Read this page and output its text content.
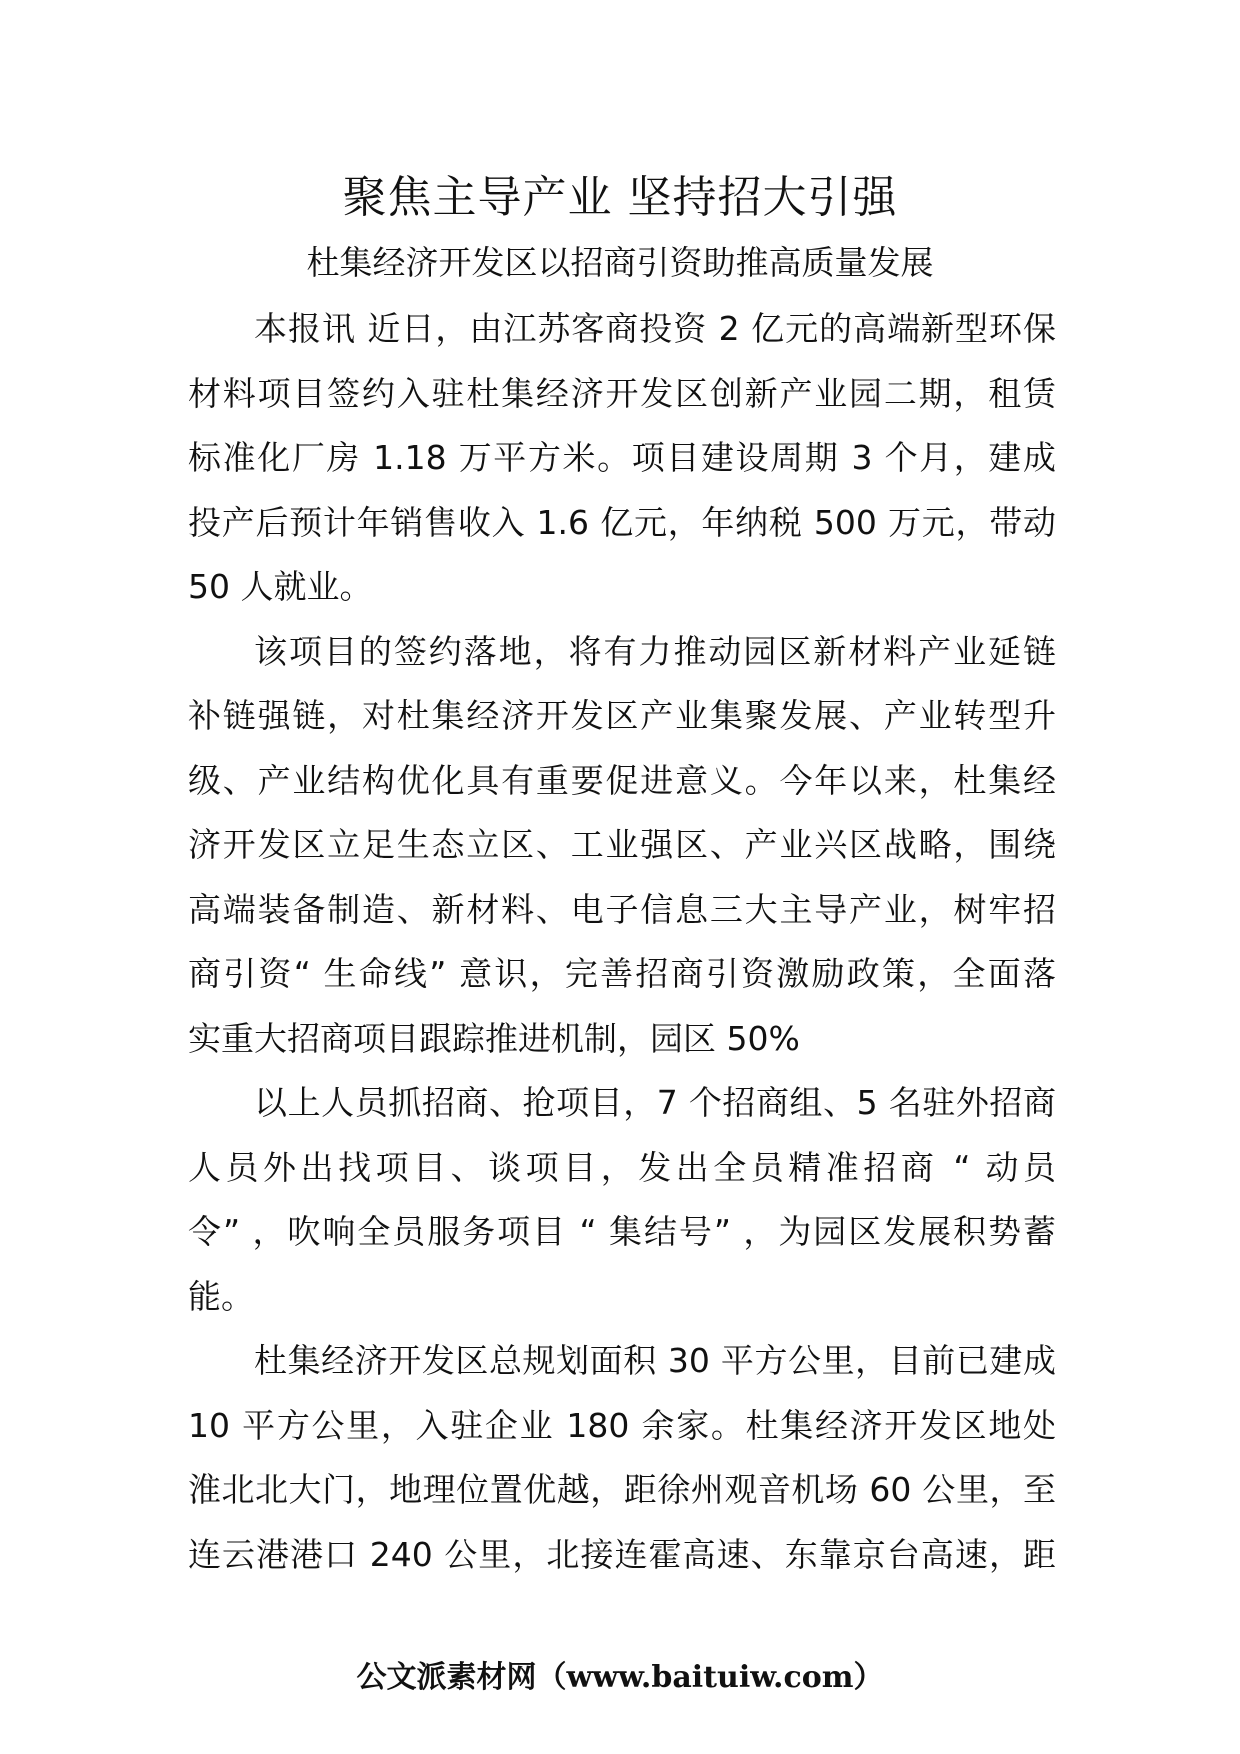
聚焦主导产业 坚持招大引强
杜集经济开发区以招商引资助推高质量发展

本报讯 近日，由江苏客商投资 2 亿元的高端新型环保
材料项目签约入驻杜集经济开发区创新产业园二期，租赁
标准化厂房 1.18 万平方米。项目建设周期 3 个月，建成
投产后预计年销售收入 1.6 亿元，年纳税 500 万元，带动
50 人就业。

该项目的签约落地，将有力推动园区新材料产业延链
补链强链，对杜集经济开发区产业集聚发展、产业转型升
级、产业结构优化具有重要促进意义。今年以来，杜集经
济开发区立足生态立区、工业强区、产业兴区战略，围绕
高端装备制造、新材料、电子信息三大主导产业，树牢招
商引资“ 生命线” 意识，完善招商引资激励政策，全面落
实重大招商项目跟踪推进机制，园区 50%

以上人员抓招商、抢项目，7 个招商组、5 名驻外招商
人员外出找项目、谈项目，发出全员精准招商 “ 动员
令” ，吹响全员服务项目 “ 集结号” ，为园区发展积势蓄
能。

杜集经济开发区总规划面积 30 平方公里，目前已建成
10 平方公里，入驻企业 180 余家。杜集经济开发区地处
淮北北大门，地理位置优越，距徐州观音机场 60 公里，至
连云港港口 240 公里，北接连霍高速、东靠京台高速，距

公文派素材网（www.baituiw.com）
